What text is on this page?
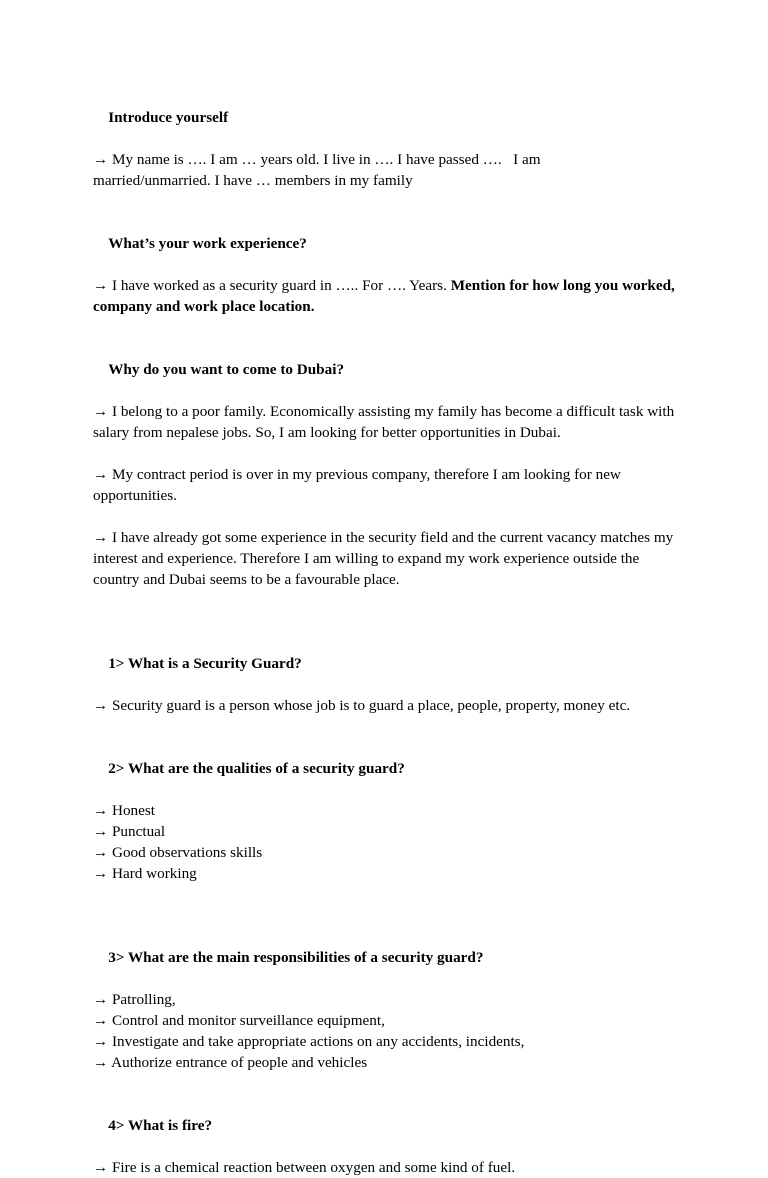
Introduce yourself

→ My name is …. I am … years old. I live in …. I have passed ….   I am

married/unmarried. I have … members in my family

What’s your work experience?

→ I have worked as a security guard in ….. For …. Years. Mention for how long you worked, company and work place location.

Why do you want to come to Dubai?

→ I belong to a poor family. Economically assisting my family has become a difficult task with salary from nepalese jobs. So, I am looking for better opportunities in Dubai.

→ My contract period is over in my previous company, therefore I am looking for new opportunities.

→ I have already got some experience in the security field and the current vacancy matches my interest and experience. Therefore I am willing to expand my work experience outside the country and Dubai seems to be a favourable place.

1> What is a Security Guard?

→ Security guard is a person whose job is to guard a place, people, property, money etc.

2> What are the qualities of a security guard?

→ Honest

→ Punctual

→ Good observations skills

→ Hard working

3> What are the main responsibilities of a security guard?

→ Patrolling,

→ Control and monitor surveillance equipment,

→ Investigate and take appropriate actions on any accidents, incidents,

→ Authorize entrance of people and vehicles

4> What is fire?

→ Fire is a chemical reaction between oxygen and some kind of fuel.
